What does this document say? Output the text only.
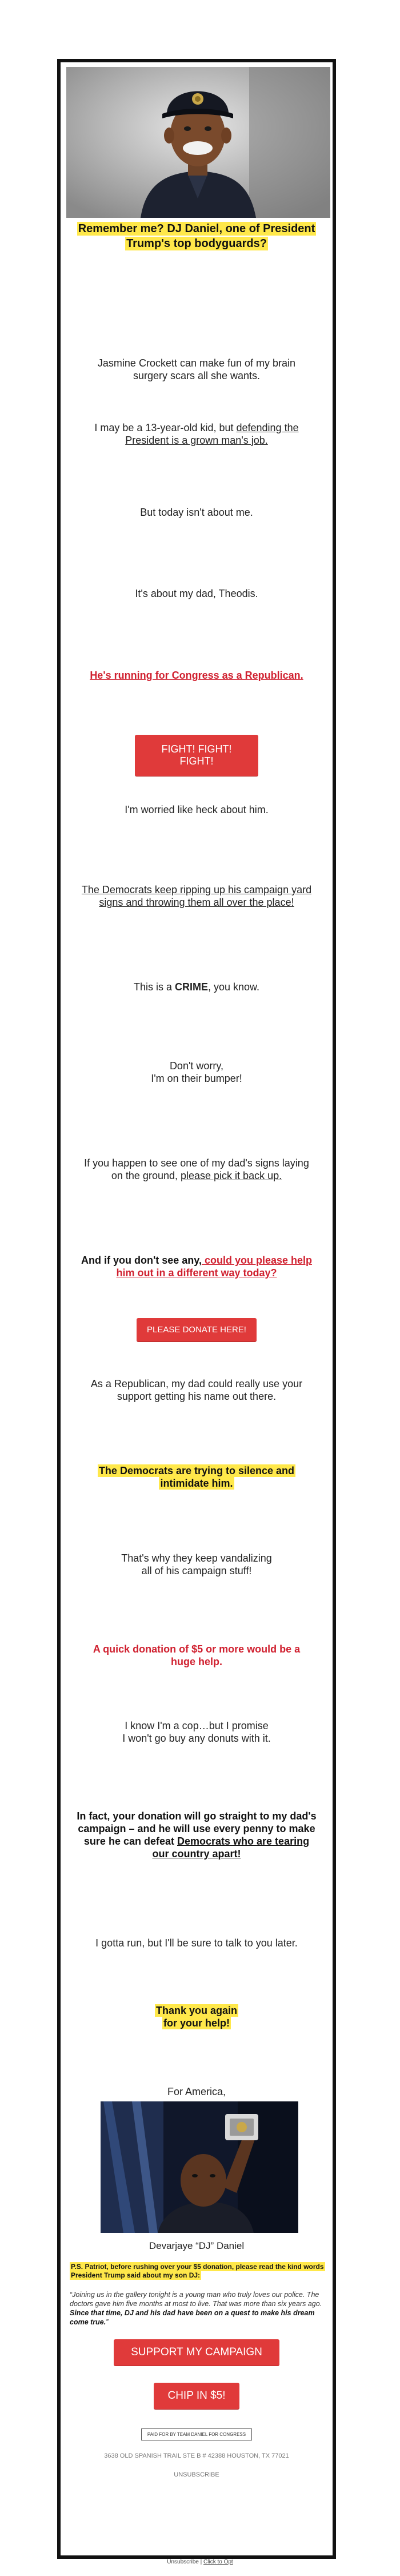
Remember me? DJ Daniel, one of President Trump's top bodyguards?
Jasmine Crockett can make fun of my brain surgery scars all she wants.
I may be a 13-year-old kid, but defending the President is a grown man's job.
But today isn't about me.
It's about my dad, Theodis.
He's running for Congress as a Republican.
FIGHT! FIGHT! FIGHT!
I'm worried like heck about him.
The Democrats keep ripping up his campaign yard signs and throwing them all over the place!
This is a CRIME, you know.
Don't worry,
I'm on their bumper!
If you happen to see one of my dad's signs laying on the ground, please pick it back up.
And if you don't see any, could you please help him out in a different way today?
PLEASE DONATE HERE!
As a Republican, my dad could really use your support getting his name out there.
The Democrats are trying to silence and intimidate him.
That's why they keep vandalizing
all of his campaign stuff!
A quick donation of $5 or more would be a huge help.
I know I'm a cop…but I promise
I won't go buy any donuts with it.
In fact, your donation will go straight to my dad's campaign – and he will use every penny to make sure he can defeat Democrats who are tearing our country apart!
I gotta run, but I'll be sure to talk to you later.
Thank you again
for your help!
For America,
Devarjaye “DJ” Daniel
P.S. Patriot, before rushing over your $5 donation, please read the kind words President Trump said about my son DJ:
“Joining us in the gallery tonight is a young man who truly loves our police. The doctors gave him five months at most to live. That was more than six years ago. Since that time, DJ and his dad have been on a quest to make his dream come true.”
SUPPORT MY CAMPAIGN
CHIP IN $5!
PAID FOR BY TEAM DANIEL FOR CONGRESS
3638 OLD SPANISH TRAIL STE B # 42388 HOUSTON, TX 77021
UNSUBSCRIBE
Unsubscribe | Click to Opt
